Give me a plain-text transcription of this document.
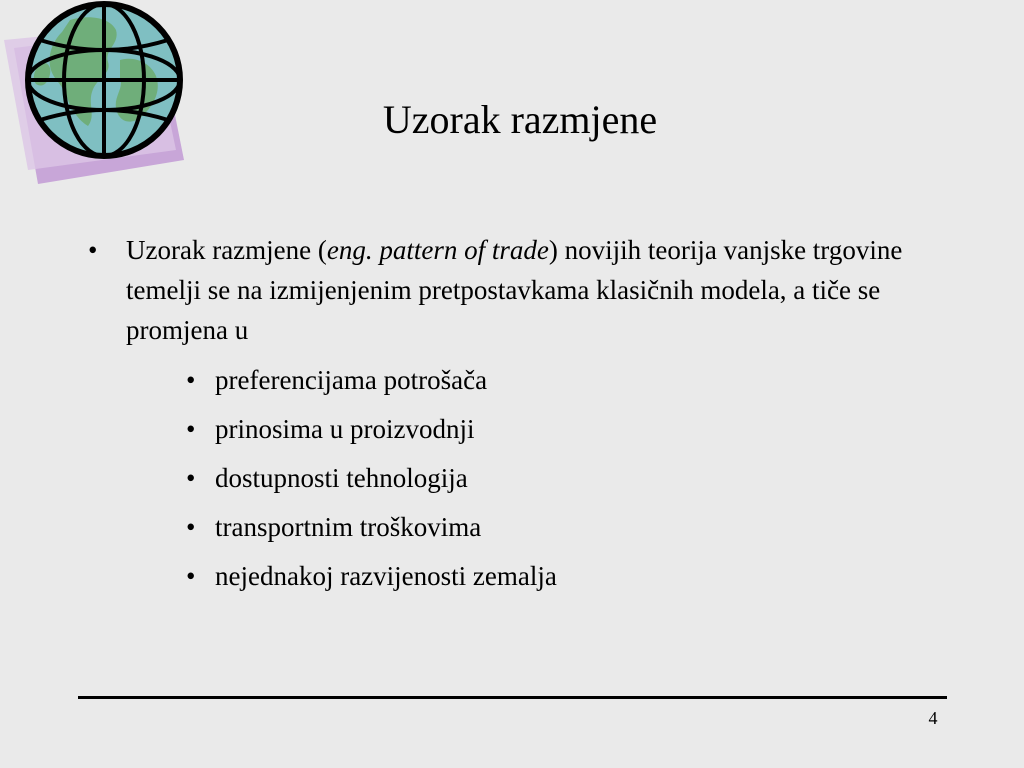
Uzorak razmjene
• Uzorak razmjene (eng. pattern of trade) novijih teorija vanjske trgovine temelji se na izmijenjenim pretpostavkama klasičnih modela, a tiče se promjena u
• preferencijama potrošača
• prinosima u proizvodnji
• dostupnosti tehnologija
• transportnim troškovima
• nejednakoj razvijenosti zemalja
4
